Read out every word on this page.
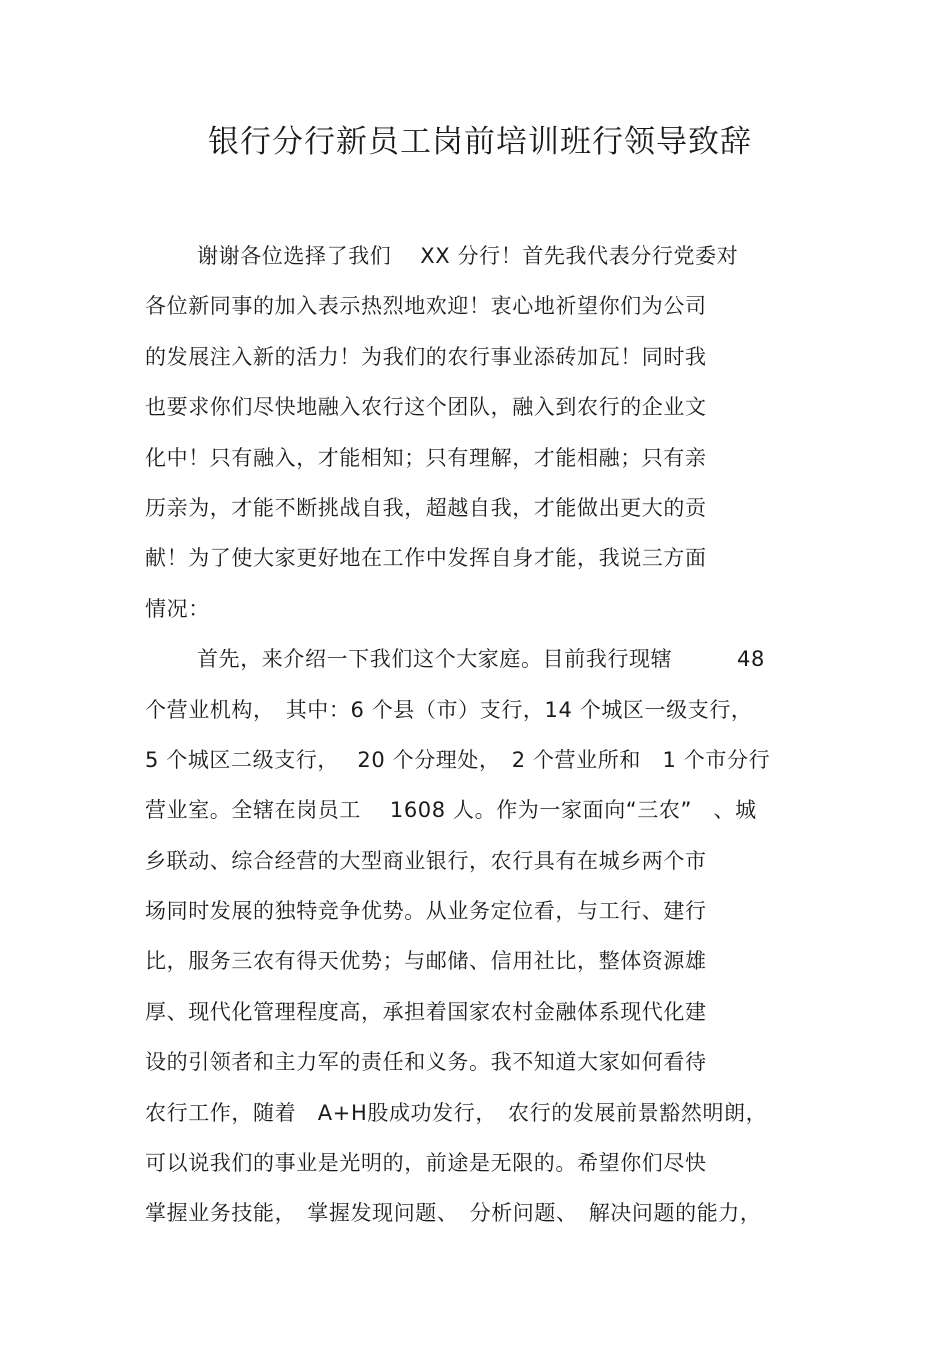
银行分行新员工岗前培训班行领导致辞
谢谢各位选择了我们　 XX 分行！首先我代表分行党委对
各位新同事的加入表示热烈地欢迎！衷心地祈望你们为公司
的发展注入新的活力！为我们的农行事业添砖加瓦！同时我
也要求你们尽快地融入农行这个团队，融入到农行的企业文
化中！只有融入，才能相知；只有理解，才能相融；只有亲
历亲为，才能不断挑战自我，超越自我，才能做出更大的贡
献！为了使大家更好地在工作中发挥自身才能，我说三方面
情况：
首先，来介绍一下我们这个大家庭。目前我行现辖　　　48
个营业机构，　其中：6 个县（市）支行，14 个城区一级支行，
5 个城区二级支行，　 20 个分理处，　2 个营业所和　1 个市分行
营业室。全辖在岗员工　 1608 人。作为一家面向“三农”　、城
乡联动、综合经营的大型商业银行，农行具有在城乡两个市
场同时发展的独特竞争优势。从业务定位看，与工行、建行
比，服务三农有得天优势；与邮储、信用社比，整体资源雄
厚、现代化管理程度高，承担着国家农村金融体系现代化建
设的引领者和主力军的责任和义务。我不知道大家如何看待
农行工作，随着　A+H股成功发行，　农行的发展前景豁然明朗，
可以说我们的事业是光明的，前途是无限的。希望你们尽快
掌握业务技能，　掌握发现问题、　分析问题、　解决问题的能力，
